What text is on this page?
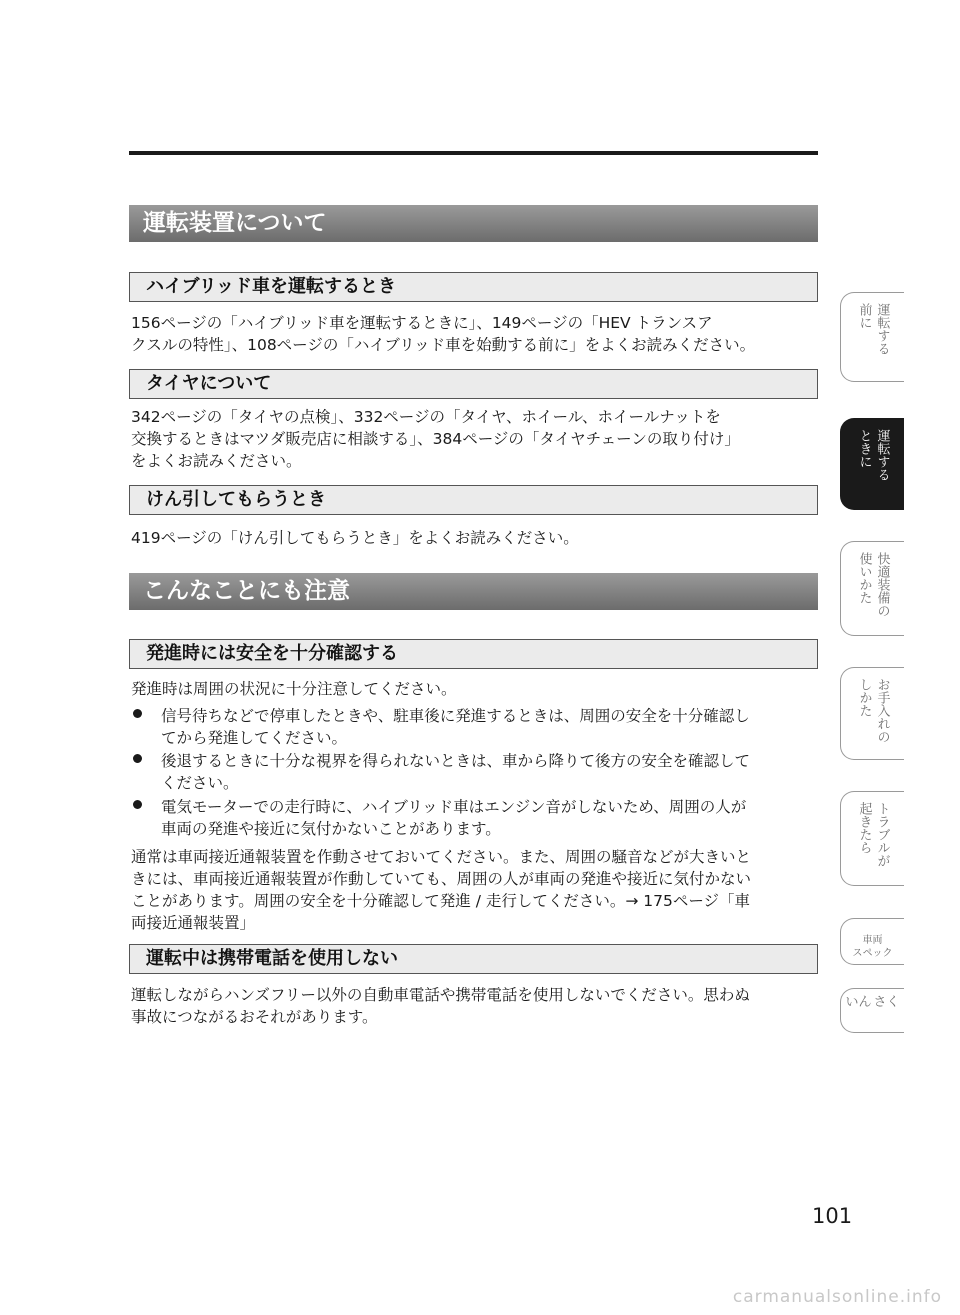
運転装置について
ハイブリッド車を運転するとき
156ページの「ハイブリッド車を運転するときに」、149ページの「HEV トランスア
クスルの特性」、108ページの「ハイブリッド車を始動する前に」をよくお読みください。
タイヤについて
342ページの「タイヤの点検」、332ページの「タイヤ、ホイール、ホイールナットを
交換するときはマツダ販売店に相談する」、384ページの「タイヤチェーンの取り付け」
をよくお読みください。
けん引してもらうとき
419ページの「けん引してもらうとき」をよくお読みください。
こんなことにも注意
発進時には安全を十分確認する
発進時は周囲の状況に十分注意してください。
信号待ちなどで停車したときや、駐車後に発進するときは、周囲の安全を十分確認し
てから発進してください。
後退するときに十分な視界を得られないときは、車から降りて後方の安全を確認して
ください。
電気モーターでの走行時に、ハイブリッド車はエンジン音がしないため、周囲の人が
車両の発進や接近に気付かないことがあります。
通常は車両接近通報装置を作動させておいてください。また、周囲の騒音などが大きいと
きには、車両接近通報装置が作動していても、周囲の人が車両の発進や接近に気付かない
ことがあります。周囲の安全を十分確認して発進 / 走行してください。→ 175ページ「車
両接近通報装置」
運転中は携帯電話を使用しない
運転しながらハンズフリー以外の自動車電話や携帯電話を使用しないでください。思わぬ
事故につながるおそれがあります。
運転する
前に
運転する
ときに
快適装備の
使いかた
お手入れの
しかた
トラブルが
起きたら
車両
スペック
さく
いん
101
carmanualsonline.info
